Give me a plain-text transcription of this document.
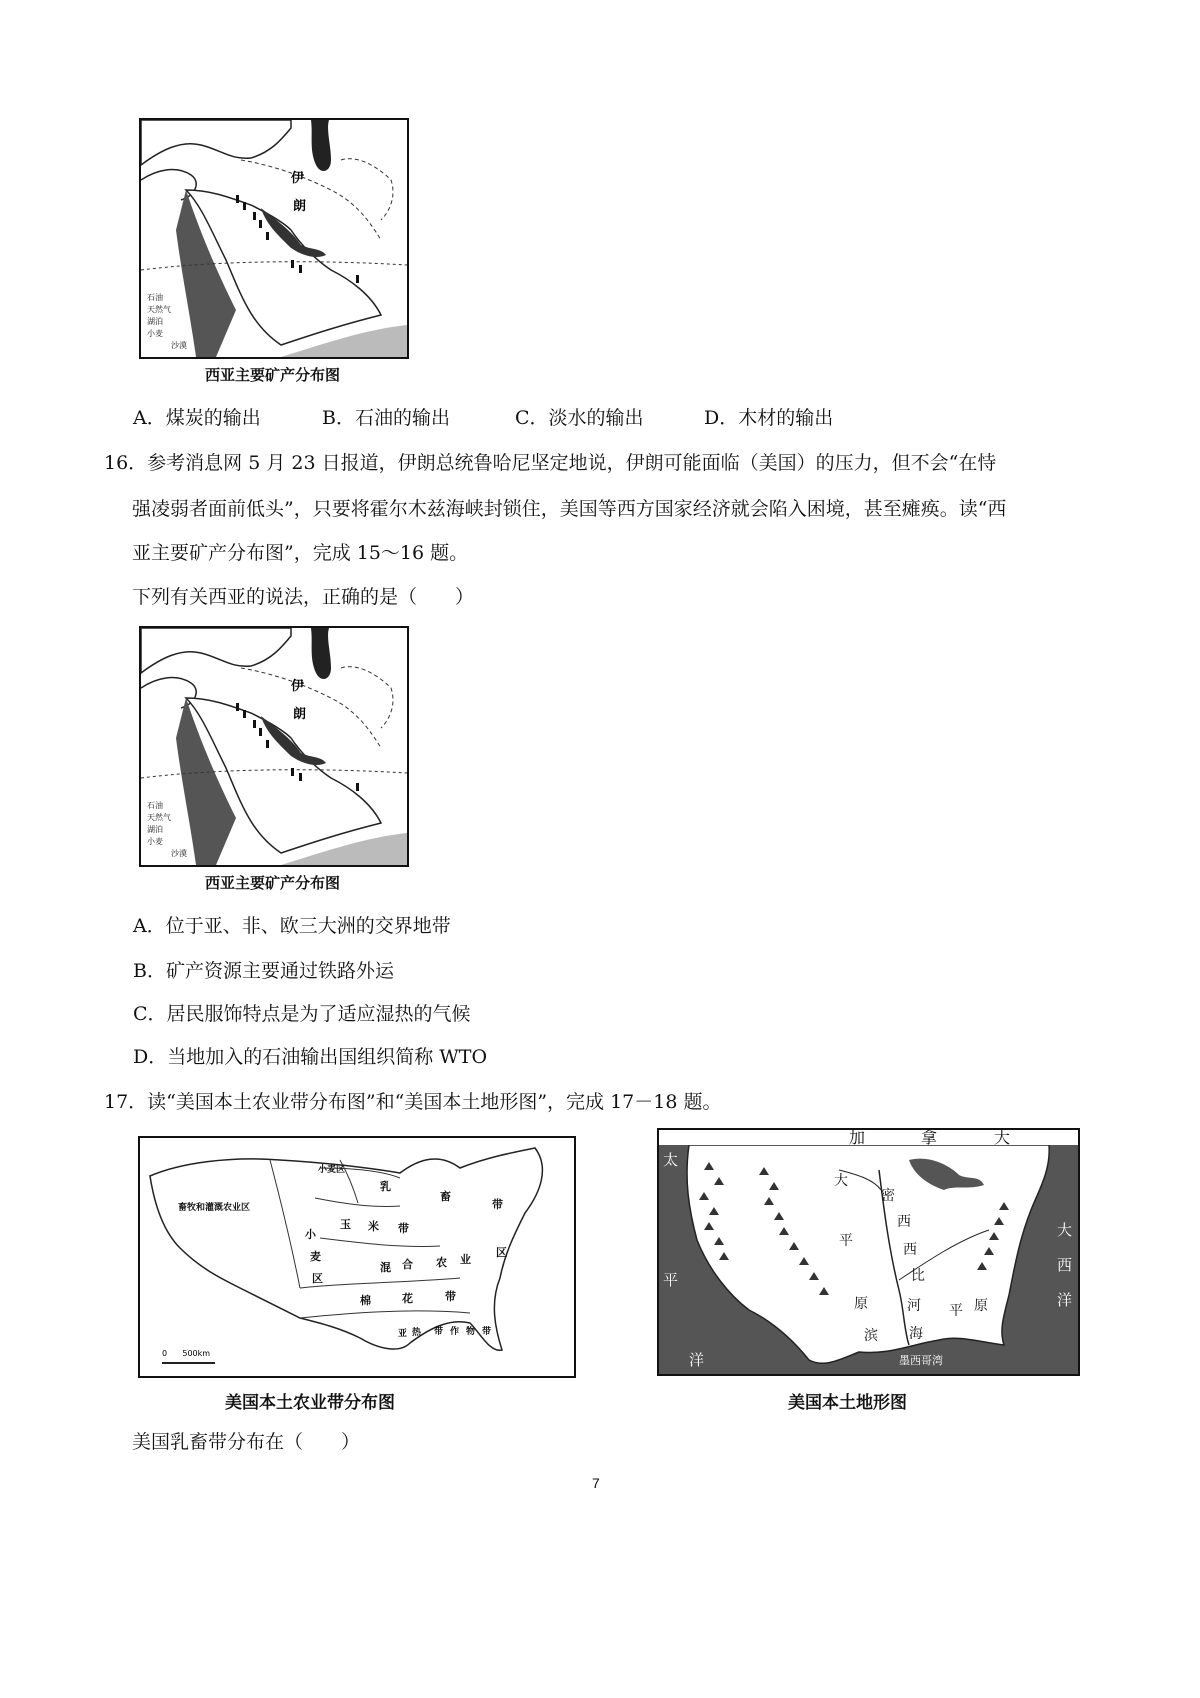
伊
朗
石油
天然气
湖泊
小麦
沙漠
西亚主要矿产分布图
A．煤炭的输出	B．石油的输出	C．淡水的输出	D．木材的输出
16．参考消息网 5 月 23 日报道，伊朗总统鲁哈尼坚定地说，伊朗可能面临（美国）的压力，但不会“在恃
强凌弱者面前低头”，只要将霍尔木兹海峡封锁住，美国等西方国家经济就会陷入困境，甚至瘫痪。读“西
亚主要矿产分布图”，完成 15～16 题。
下列有关西亚的说法，正确的是（　　）
伊
朗
石油
天然气
湖泊
小麦
沙漠
西亚主要矿产分布图
A．位于亚、非、欧三大洲的交界地带
B．矿产资源主要通过铁路外运
C．居民服饰特点是为了适应湿热的气候
D．当地加入的石油输出国组织简称 WTO
17．读“美国本土农业带分布图”和“美国本土地形图”，完成 17－18 题。
0      500km
小麦区
畜牧和灌溉农业区
乳
畜
带
玉 米 带
小
麦
区
混 合 农 业
区
棉	花	带
亚 热 带 作 物 带
美国本土农业带分布图
加	拿	大
太
平
洋
大
西
洋
大
平
原
密
西
西
比
河
滨 海
平 原
墨西哥湾
美国本土地形图
美国乳畜带分布在（　　）
7
